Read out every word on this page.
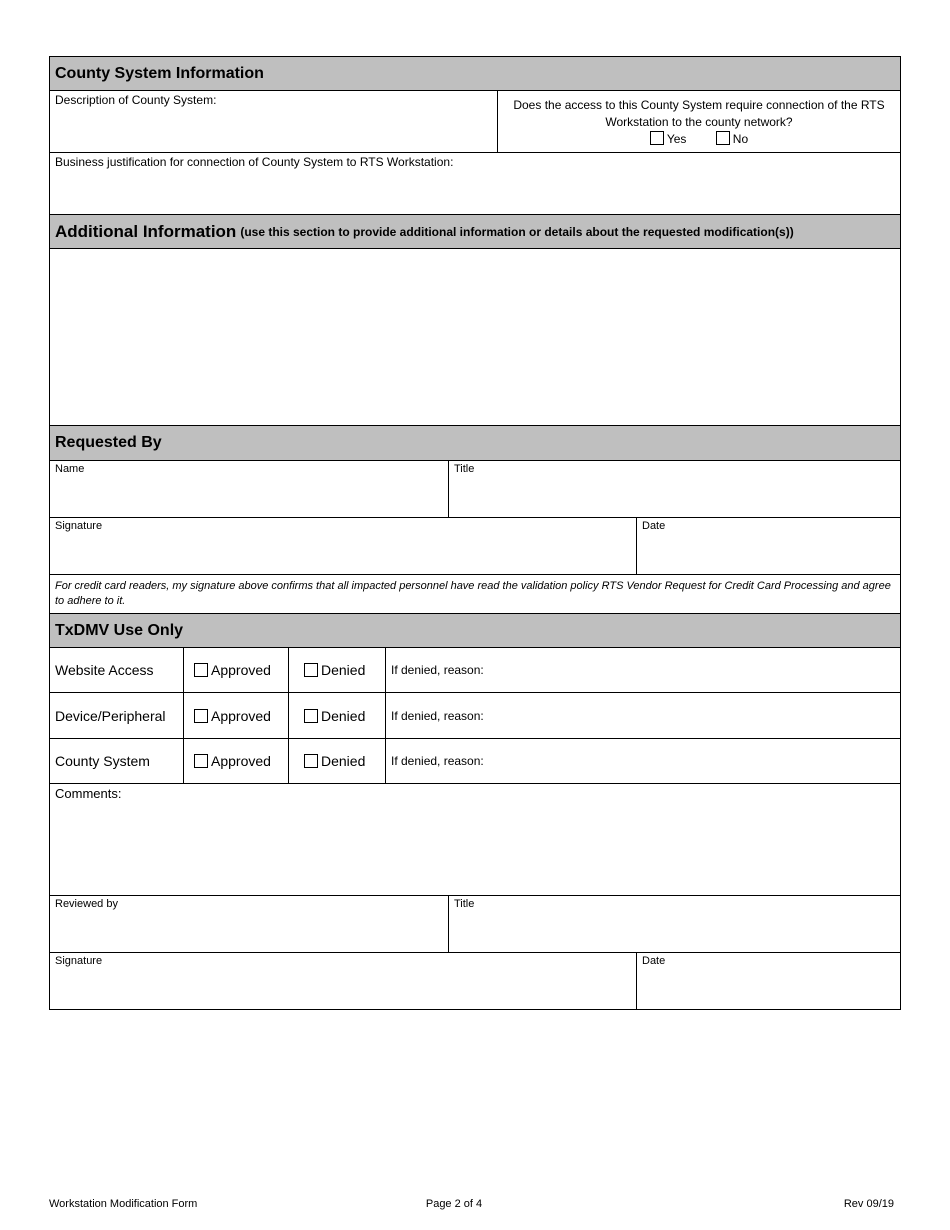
County System Information
Description of County System:	Does the access to this County System require connection of the RTS Workstation to the county network?
Yes	No
Business justification for connection of County System to RTS Workstation:
Additional Information (use this section to provide additional information or details about the requested modification(s))
Requested By
Name	Title
Signature	Date
For credit card readers, my signature above confirms that all impacted personnel have read the validation policy RTS Vendor Request for Credit Card Processing and agree to adhere to it.
TxDMV Use Only
Website Access	Approved	Denied If denied, reason:
Device/Peripheral	Approved	Denied If denied, reason:
County System	Approved	Denied If denied, reason:
Comments:
Reviewed by	Title
Signature	Date
Workstation Modification Form	Page 2 of 4	Rev 09/19
